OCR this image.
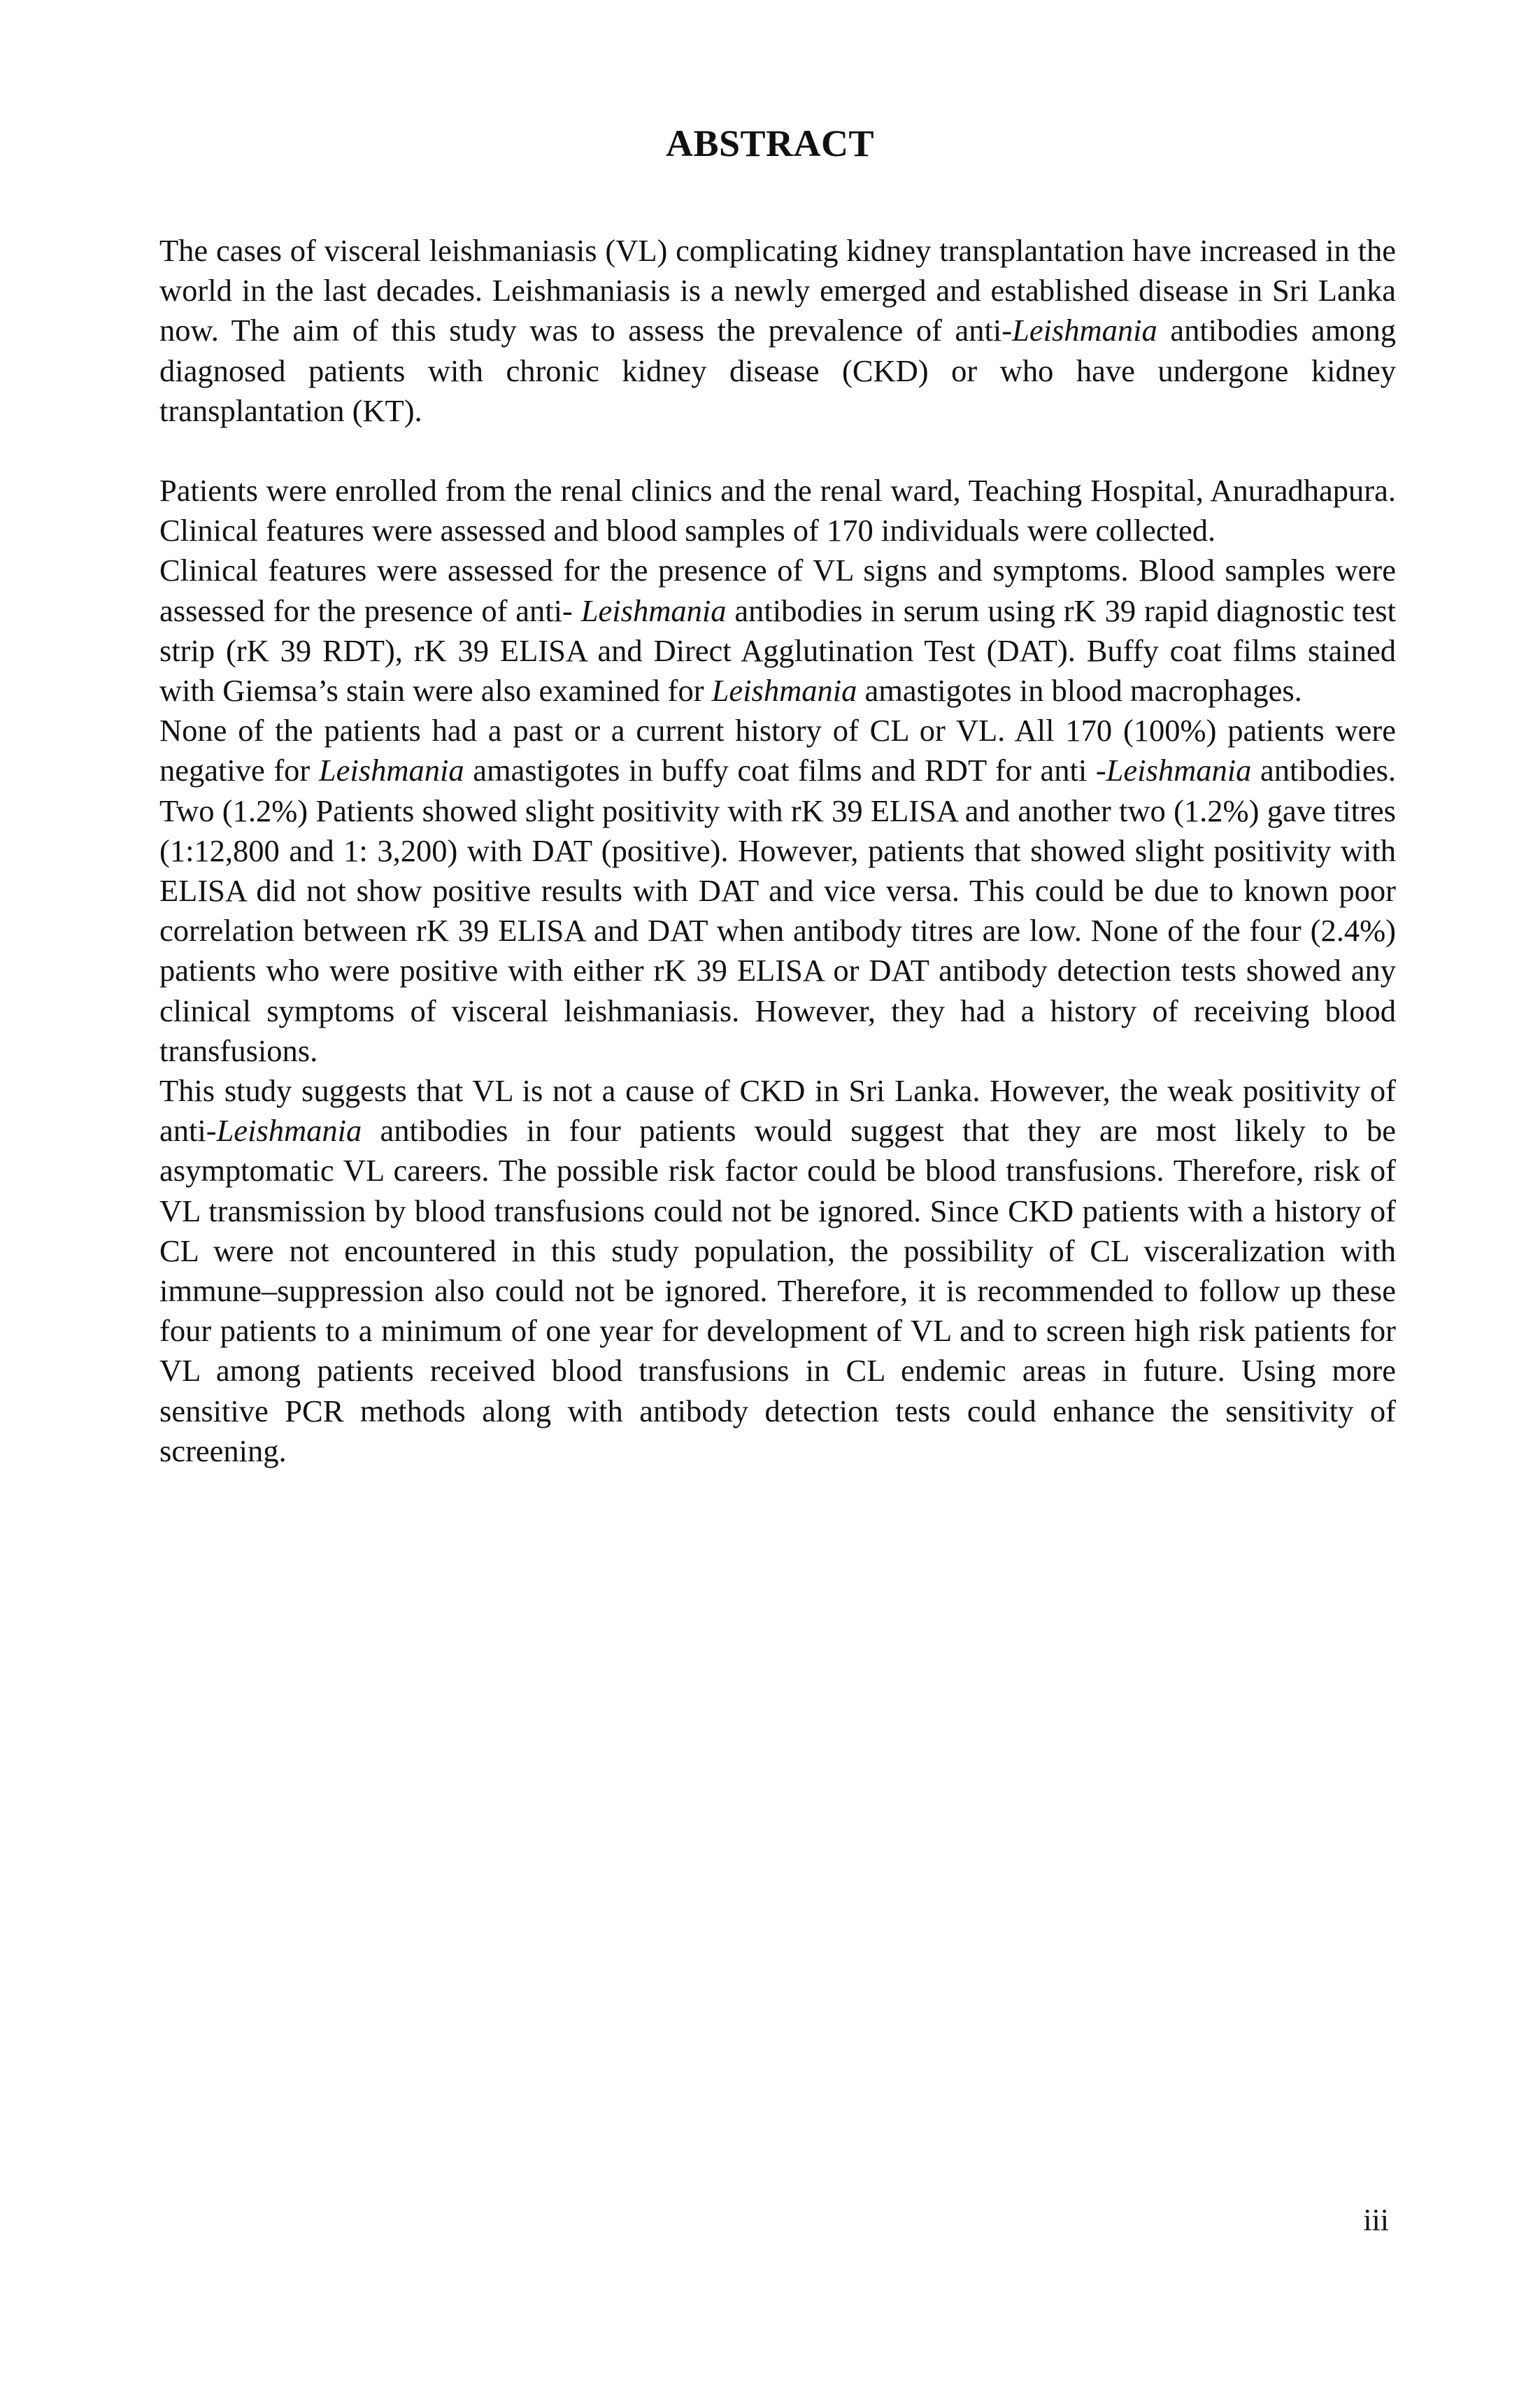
ABSTRACT

The cases of visceral leishmaniasis (VL) complicating kidney transplantation have increased in the world in the last decades. Leishmaniasis is a newly emerged and established disease in Sri Lanka now. The aim of this study was to assess the prevalence of anti-Leishmania antibodies among diagnosed patients with chronic kidney disease (CKD) or who have undergone kidney transplantation (KT).

Patients were enrolled from the renal clinics and the renal ward, Teaching Hospital, Anuradhapura. Clinical features were assessed and blood samples of 170 individuals were collected.

Clinical features were assessed for the presence of VL signs and symptoms. Blood samples were assessed for the presence of anti- Leishmania antibodies in serum using rK 39 rapid diagnostic test strip (rK 39 RDT), rK 39 ELISA and Direct Agglutination Test (DAT). Buffy coat films stained with Giemsa’s stain were also examined for Leishmania amastigotes in blood macrophages.

None of the patients had a past or a current history of CL or VL. All 170 (100%) patients were negative for Leishmania amastigotes in buffy coat films and RDT for anti -Leishmania antibodies. Two (1.2%) Patients showed slight positivity with rK 39 ELISA and another two (1.2%) gave titres (1:12,800 and 1: 3,200) with DAT (positive). However, patients that showed slight positivity with ELISA did not show positive results with DAT and vice versa. This could be due to known poor correlation between rK 39 ELISA and DAT when antibody titres are low. None of the four (2.4%) patients who were positive with either rK 39 ELISA or DAT antibody detection tests showed any clinical symptoms of visceral leishmaniasis. However, they had a history of receiving blood transfusions.

This study suggests that VL is not a cause of CKD in Sri Lanka. However, the weak positivity of anti-Leishmania antibodies in four patients would suggest that they are most likely to be asymptomatic VL careers. The possible risk factor could be blood transfusions. Therefore, risk of VL transmission by blood transfusions could not be ignored. Since CKD patients with a history of CL were not encountered in this study population, the possibility of CL visceralization with immune–suppression also could not be ignored. Therefore, it is recommended to follow up these four patients to a minimum of one year for development of VL and to screen high risk patients for VL among patients received blood transfusions in CL endemic areas in future. Using more sensitive PCR methods along with antibody detection tests could enhance the sensitivity of screening.

iii
